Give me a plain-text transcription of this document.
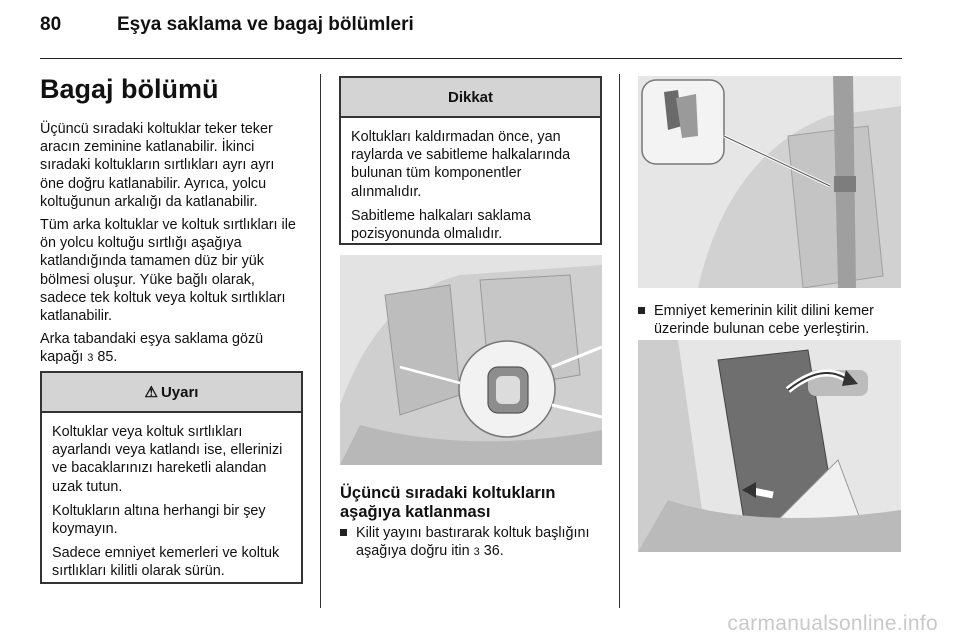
80	Eşya saklama ve bagaj bölümleri
Bagaj bölümü

Üçüncü sıradaki koltuklar teker teker aracın zeminine katlanabilir. İkinci sıradaki koltukların sırtlıkları ayrı ayrı öne doğru katlanabilir. Ayrıca, yolcu koltuğunun arkalığı da katlanabilir.

Tüm arka koltuklar ve koltuk sırtlıkları ile ön yolcu koltuğu sırtlığı aşağıya katlandığında tamamen düz bir yük bölmesi oluşur. Yüke bağlı olarak, sadece tek koltuk veya koltuk sırtlıkları katlanabilir.

Arka tabandaki eşya saklama gözü kapağı 3 85.

⚠ Uyarı

Koltuklar veya koltuk sırtlıkları ayarlandı veya katlandı ise, ellerinizi ve bacaklarınızı hareketli alandan uzak tutun.

Koltukların altına herhangi bir şey koymayın.

Sadece emniyet kemerleri ve koltuk sırtlıkları kilitli olarak sürün.

Dikkat

Koltukları kaldırmadan önce, yan raylarda ve sabitleme halkalarında bulunan tüm komponentler alınmalıdır.

Sabitleme halkaları saklama pozisyonunda olmalıdır.

Üçüncü sıradaki koltukların aşağıya katlanması
Kilit yayını bastırarak koltuk başlığını aşağıya doğru itin 3 36.
Emniyet kemerinin kilit dilini kemer üzerinde bulunan cebe yerleştirin.
carmanualsonline.info
